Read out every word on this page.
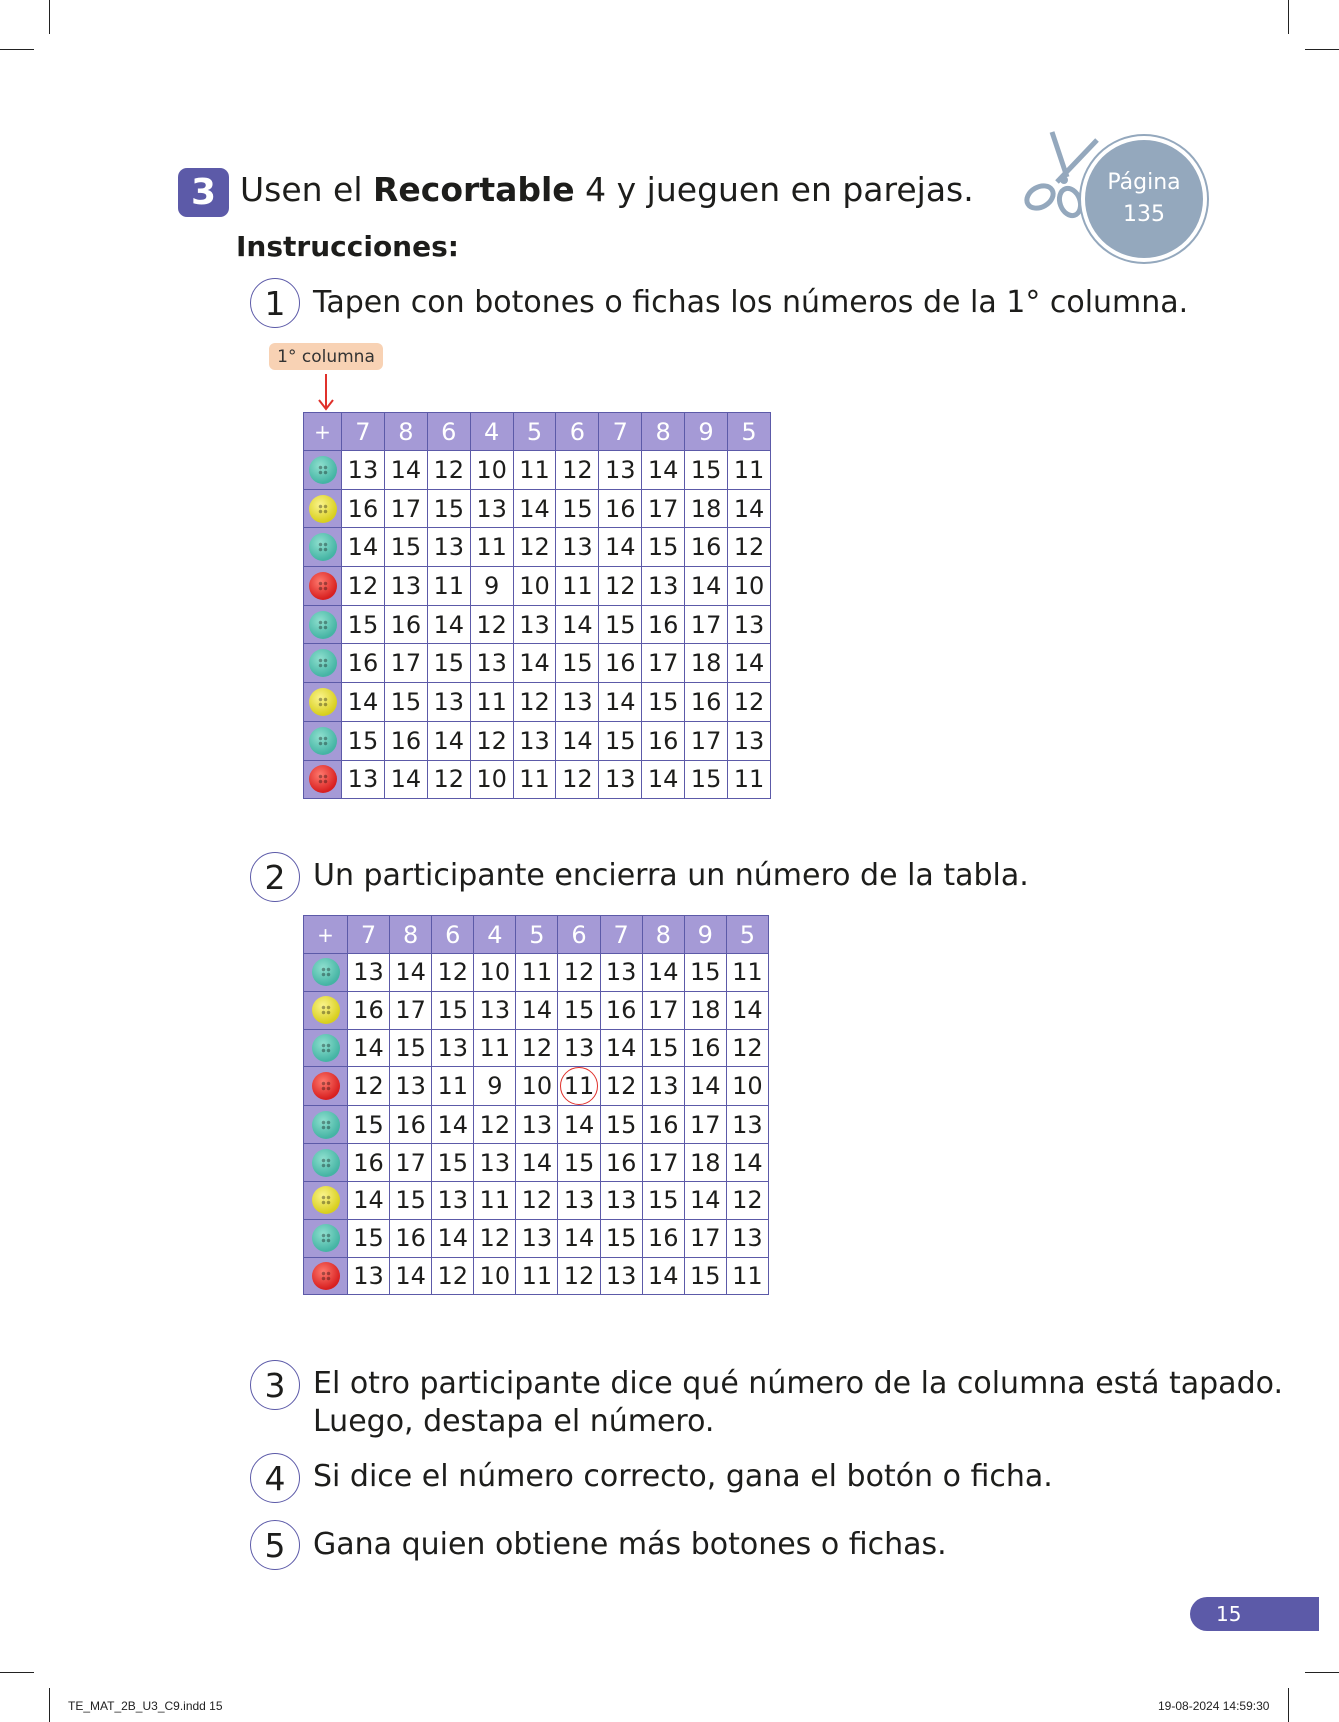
3 Usen el Recortable 4 y jueguen en parejas.	Página
135
Instrucciones:
1 Tapen con botones o fichas los números de la 1° columna.
1° columna
+	7	8	6	4	5	6	7	8	9	5

	13	14	12	10	11	12	13	14	15	11

	16	17	15	13	14	15	16	17	18	14

	14	15	13	11	12	13	14	15	16	12

	12	13	11	9	10	11	12	13	14	10

	15	16	14	12	13	14	15	16	17	13

	16	17	15	13	14	15	16	17	18	14

	14	15	13	11	12	13	14	15	16	12

	15	16	14	12	13	14	15	16	17	13

	13	14	12	10	11	12	13	14	15	11
2 Un participante encierra un número de la tabla.
+	7	8	6	4	5	6	7	8	9	5

	13	14	12	10	11	12	13	14	15	11

	16	17	15	13	14	15	16	17	18	14

	14	15	13	11	12	13	14	15	16	12

	12	13	11	9	10	11	12	13	14	10

	15	16	14	12	13	14	15	16	17	13

	16	17	15	13	14	15	16	17	18	14

	14	15	13	11	12	13	13	15	14	12

	15	16	14	12	13	14	15	16	17	13

	13	14	12	10	11	12	13	14	15	11
3 El otro participante dice qué número de la columna está tapado.
Luego, destapa el número.
4 Si dice el número correcto, gana el botón o ficha.
5 Gana quien obtiene más botones o fichas.
15
TE_MAT_2B_U3_C9.indd 15	19-08-2024 14:59:30
